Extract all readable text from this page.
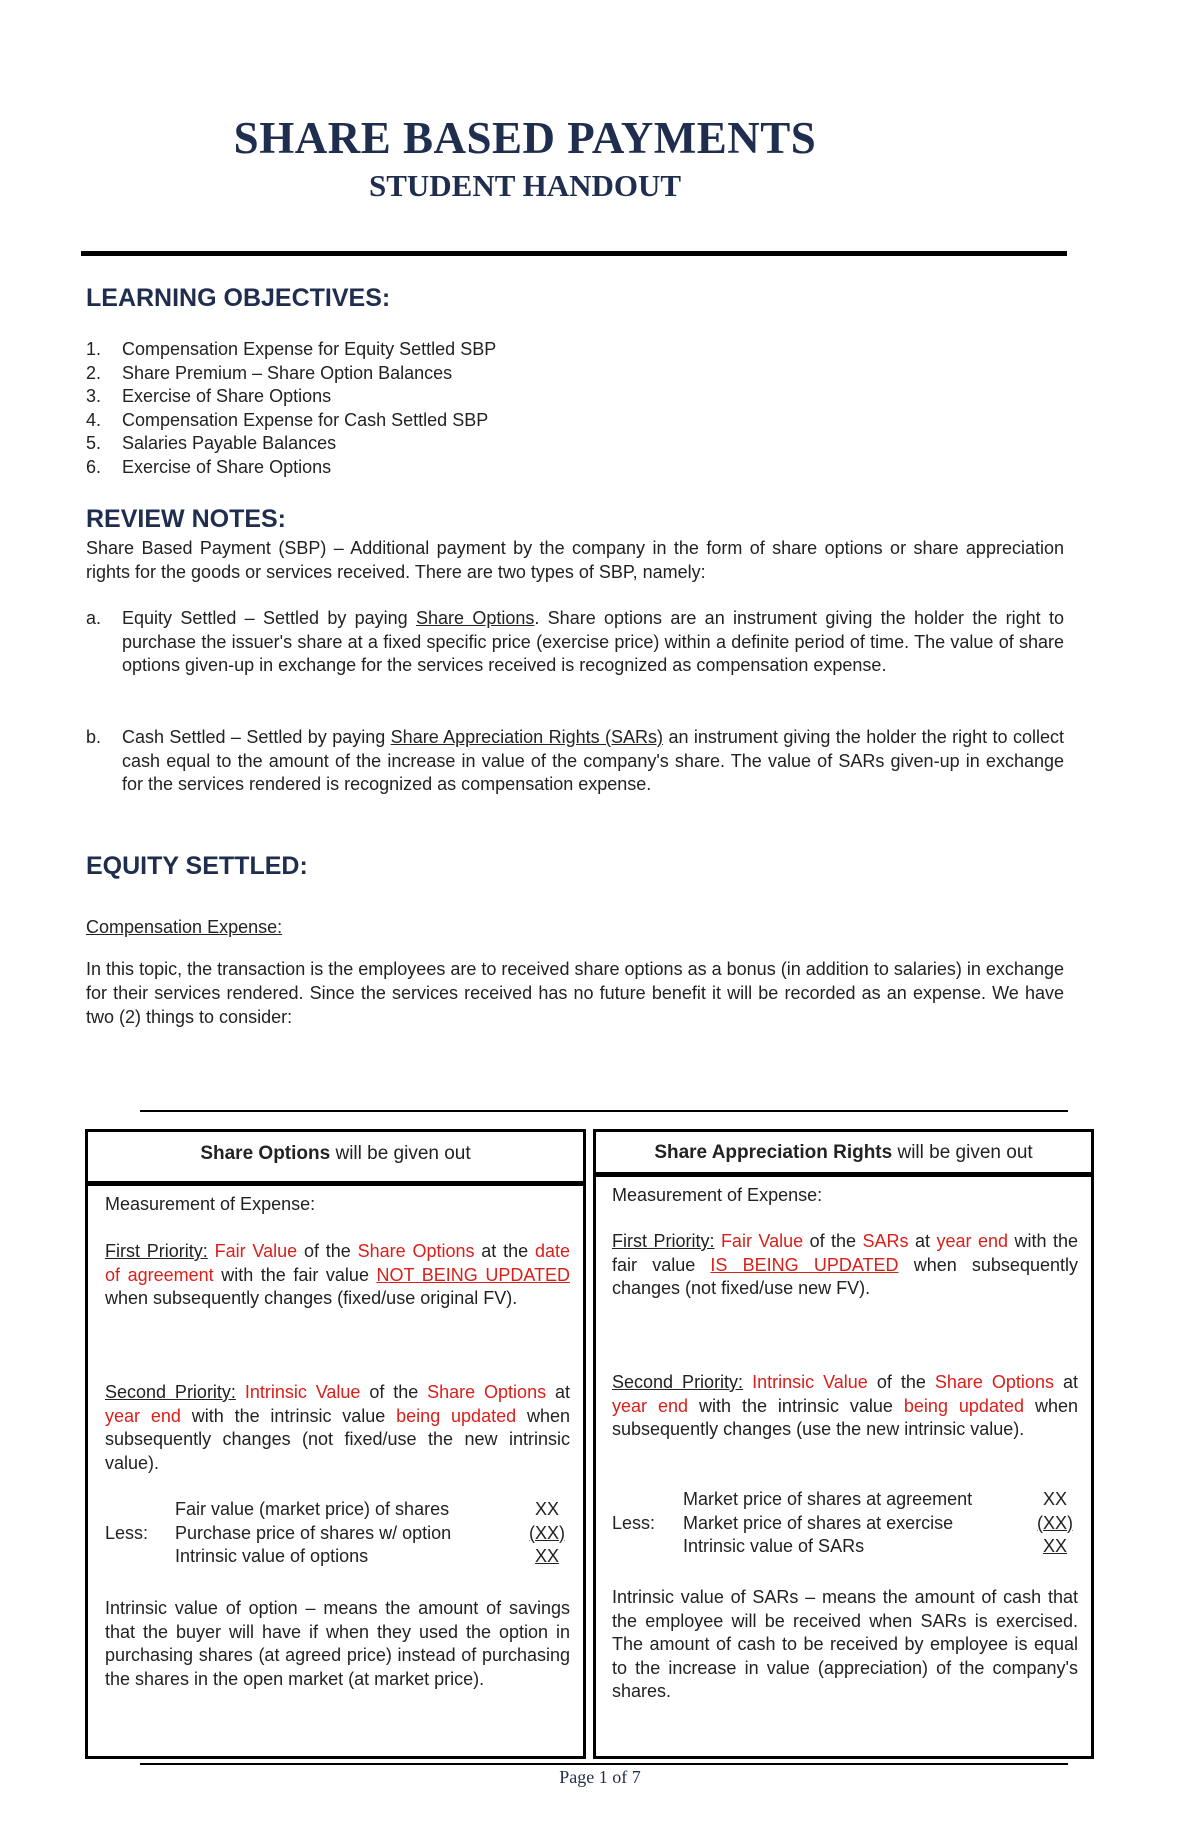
SHARE BASED PAYMENTS
STUDENT HANDOUT
LEARNING OBJECTIVES:
1. Compensation Expense for Equity Settled SBP
2. Share Premium – Share Option Balances
3. Exercise of Share Options
4. Compensation Expense for Cash Settled SBP
5. Salaries Payable Balances
6. Exercise of Share Options
REVIEW NOTES:
Share Based Payment (SBP) – Additional payment by the company in the form of share options or share appreciation rights for the goods or services received. There are two types of SBP, namely:
a. Equity Settled – Settled by paying Share Options. Share options are an instrument giving the holder the right to purchase the issuer's share at a fixed specific price (exercise price) within a definite period of time. The value of share options given-up in exchange for the services received is recognized as compensation expense.
b. Cash Settled – Settled by paying Share Appreciation Rights (SARs) an instrument giving the holder the right to collect cash equal to the amount of the increase in value of the company's share. The value of SARs given-up in exchange for the services rendered is recognized as compensation expense.
EQUITY SETTLED:
Compensation Expense:
In this topic, the transaction is the employees are to received share options as a bonus (in addition to salaries) in exchange for their services rendered. Since the services received has no future benefit it will be recorded as an expense. We have two (2) things to consider:
Share Options will be given out
Measurement of Expense:
First Priority: Fair Value of the Share Options at the date of agreement with the fair value NOT BEING UPDATED when subsequently changes (fixed/use original FV).
Second Priority: Intrinsic Value of the Share Options at year end with the intrinsic value being updated when subsequently changes (not fixed/use the new intrinsic value).
Fair value (market price) of shares	XX
Less: Purchase price of shares w/ option	(XX)
Intrinsic value of options	XX
Intrinsic value of option – means the amount of savings that the buyer will have if when they used the option in purchasing shares (at agreed price) instead of purchasing the shares in the open market (at market price).
Share Appreciation Rights will be given out
Measurement of Expense:
First Priority: Fair Value of the SARs at year end with the fair value IS BEING UPDATED when subsequently changes (not fixed/use new FV).
Second Priority: Intrinsic Value of the Share Options at year end with the intrinsic value being updated when subsequently changes (use the new intrinsic value).
Market price of shares at agreement	XX
Less: Market price of shares at exercise	(XX)
Intrinsic value of SARs	XX
Intrinsic value of SARs – means the amount of cash that the employee will be received when SARs is exercised. The amount of cash to be received by employee is equal to the increase in value (appreciation) of the company's shares.
Page 1 of 7
